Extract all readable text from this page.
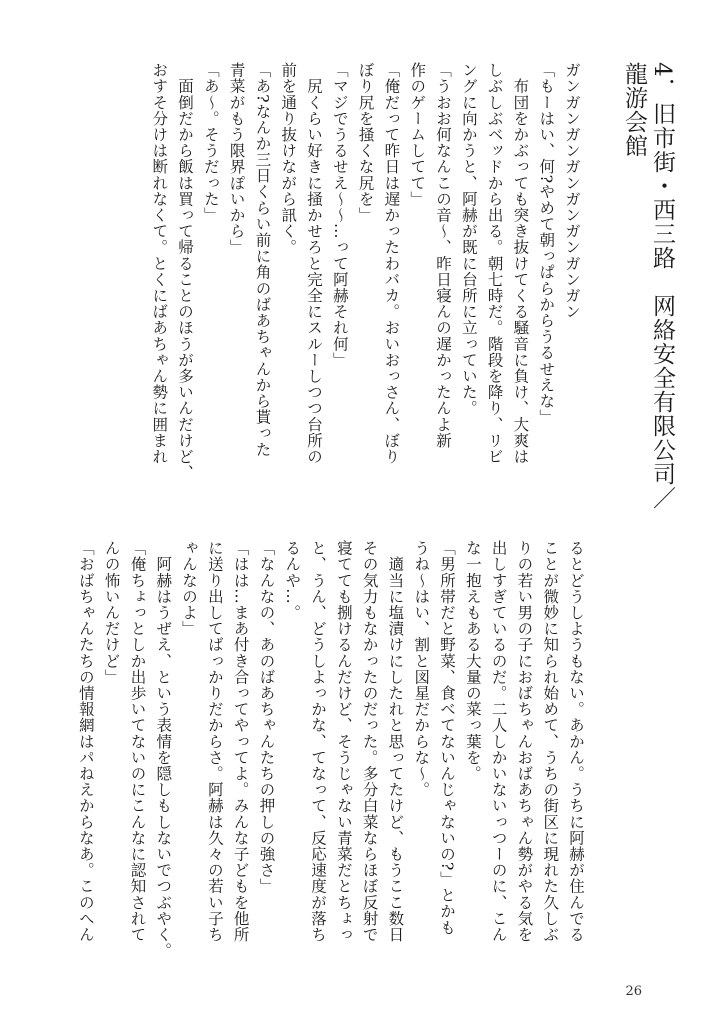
4．旧市街・西三路　网絡安全有限公司／

龍游会館

ガンガンガンガンガンガンガンガン

「もーはい、何?やめて朝っぱらからうるせえな」

　布団をかぶっても突き抜けてくる騒音に負け、大爽は

しぶしぶベッドから出る。朝七時だ。階段を降り、リビ

ングに向かうと、阿赫が既に台所に立っていた。

「うおお何なんこの音～、昨日寝んの遅かったんよ新

作のゲームしてて」

「俺だって昨日は遅かったわバカ。おいおっさん、ぼり

ぼり尻を掻くな尻を」

「マジでうるせえ～～…って阿赫それ何」

　尻くらい好きに掻かせろと完全にスルーしつつ台所の

前を通り抜けながら訊く。

「あ?なんか三日くらい前に角のばあちゃんから貰った

青菜がもう限界ぽいから」

「あ～。そうだった」

　面倒だから飯は買って帰ることのほうが多いんだけど、

おすそ分けは断れなくて。とくにばあちゃん勢に囲まれ

るとどうしようもない。あかん。うちに阿赫が住んでる

ことが微妙に知られ始めて、うちの街区に現れた久しぶ

りの若い男の子におばちゃんおばあちゃん勢がやる気を

出しすぎているのだ。二人しかいないっつーのに、こん

な一抱えもある大量の菜っ葉を。

「男所帯だと野菜、食べてないんじゃないの?」とかも

うね～はい、割と図星だからな～。

　適当に塩漬けにしたれと思ってたけど、もうここ数日

その気力もなかったのだった。多分白菜ならほぼ反射で

寝てても捌けるんだけど、そうじゃない青菜だとちょっ

と、うん、どうしよっかな、てなって、反応速度が落ち

るんや…。

「なんなの、あのばあちゃんたちの押しの強さ」

「はは…まあ付き合ってやってよ。みんな子どもを他所

に送り出してばっかりだからさ。阿赫は久々の若い子ち

ゃんなのよ」

　阿赫はうぜえ、という表情を隠しもしないでつぶやく。

「俺ちょっとしか出歩いてないのにこんなに認知されて

んの怖いんだけど」

「おばちゃんたちの情報網はパねえからなあ。このへん

26
